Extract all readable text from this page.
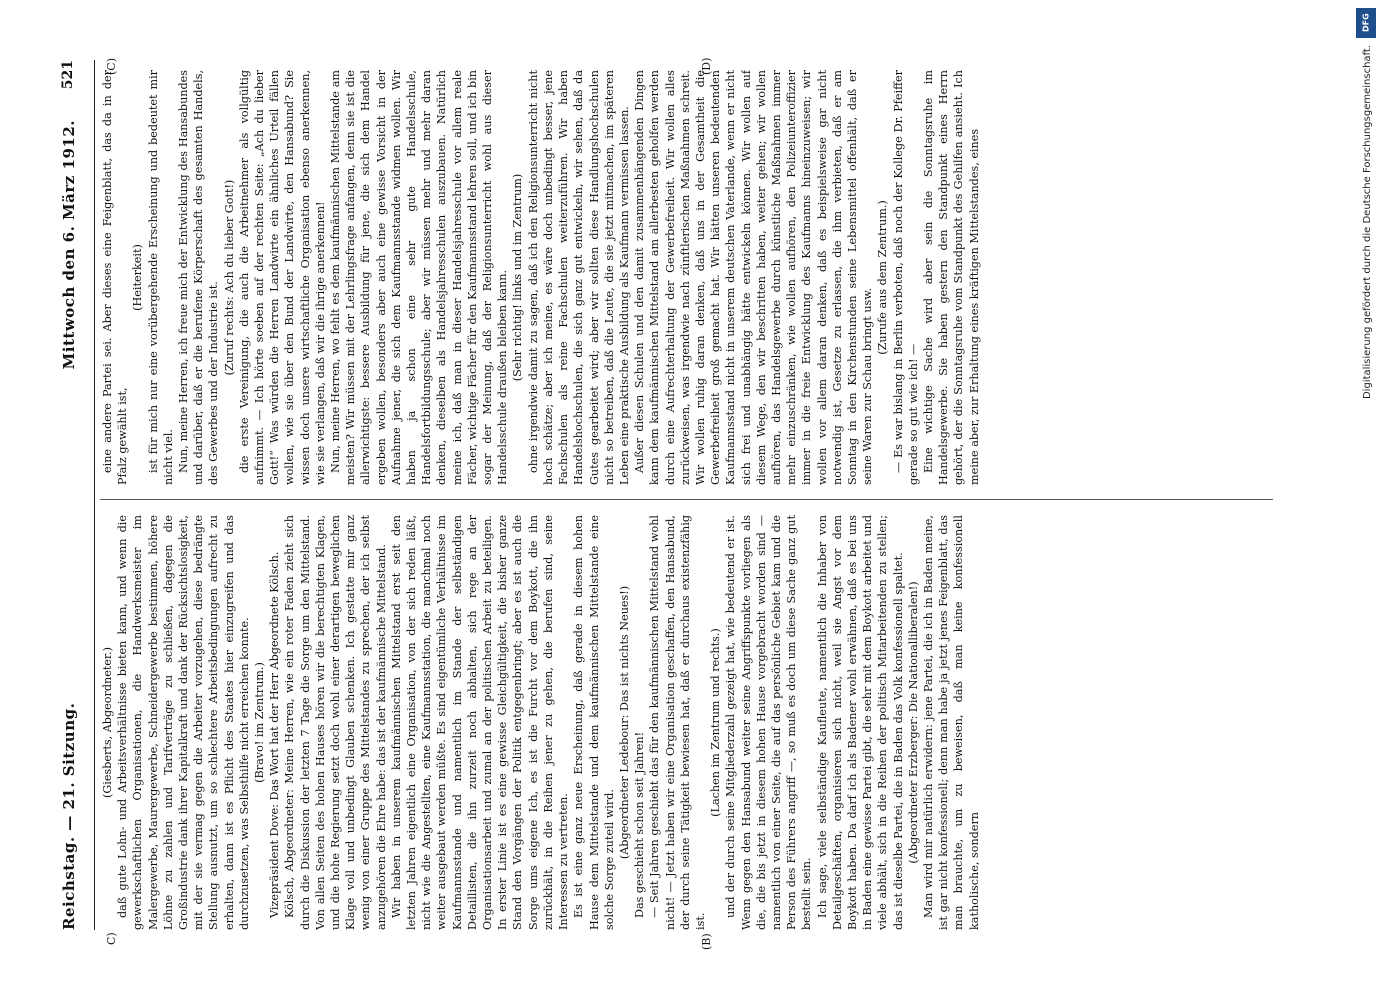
Reichstag. — 21. Sitzung.
Mittwoch den 6. März 1912.
521
C)	(B)
(C)	(D)

(Giesberts, Abgeordneter.) daß gute Lohn- und Arbeitsverhältnisse bieten kann, und wenn die gewerkschaftlichen Organisationen, die Handwerksmeister im Malergewerbe, Maurergewerbe, Schneidergewerbe bestimmen, höhere Löhne zu zahlen und Tarifverträge zu schließen, dagegen die Großindustrie dank ihrer Kapitalkraft und dank der Rücksichtslosigkeit, mit der sie vermag gegen die Arbeiter vorzugehen, diese bedrängte Stellung ausnutzt, um so schlechtere Arbeitsbedingungen aufrecht zu erhalten, dann ist es Pflicht des Staates hier einzugreifen und das durchzusetzen, was Selbsthilfe nicht erreichen konnte. (Bravo! im Zentrum.) Vizepräsident Dove: Das Wort hat der Herr Abgeordnete Kölsch. Kölsch, Abgeordneter: Meine Herren, wie ein roter Faden zieht sich durch die Diskussion der letzten 7 Tage die Sorge um den Mittelstand. Von allen Seiten des hohen Hauses hören wir die berechtigten Klagen, und die hohe Regierung setzt doch wohl einer derartigen beweglichen Klage voll und unbedingt Glauben schenken. Ich gestatte mir ganz wenig von einer Gruppe des Mittelstandes zu sprechen, der ich selbst anzugehören die Ehre habe: das ist der kaufmännische Mittelstand. Wir haben in unserem kaufmännischen Mittelstand erst seit den letzten Jahren eigentlich eine Organisation, von der sich reden läßt, nicht wie die Angestellten, eine Kaufmannsstation, die manchmal noch weiter ausgebaut werden müßte. Es sind eigentümliche Verhältnisse im Kaufmannsstande und namentlich im Stande der selbständigen Detaillisten, die ihn zurzeit noch abhalten, sich rege an der Organisationsarbeit und zumal an der politischen Arbeit zu beteiligen. In erster Linie ist es eine gewisse Gleichgültigkeit, die bisher ganze Stand den Vorgängen der Politik entgegenbringt; aber es ist auch die Sorge ums eigene Ich, es ist die Furcht vor dem Boykott, die ihn zurückhält, in die Reihen jener zu gehen, die berufen sind, seine Interessen zu vertreten. Es ist eine ganz neue Erscheinung, daß gerade in diesem hohen Hause dem Mittelstande und dem kaufmännischen Mittelstande eine solche Sorge zuteil wird.

(Abgeordneter Ledebour: Das ist nichts Neues!) Das geschieht schon seit Jahren! — Seit Jahren geschieht das für den kaufmännischen Mittelstand wohl nicht! — Jetzt haben wir eine Organisation geschaffen, den Hansabund, der durch seine Tätigkeit bewiesen hat, daß er durchaus existenzfähig ist.

(Lachen im Zentrum und rechts.) und der durch seine Mitgliederzahl gezeigt hat, wie bedeutend er ist. Wenn gegen den Hansabund weiter seine Angriffspunkte vorliegen als die, die bis jetzt in diesem hohen Hause vorgebracht worden sind — namentlich von einer Seite, die auf das persönliche Gebiet kam und die Person des Führers angriff —, so muß es doch um diese Sache ganz gut bestellt sein. Ich sage, viele selbständige Kaufleute, namentlich die Inhaber von Detailgeschäften, organisieren sich nicht, weil sie Angst vor dem Boykott haben. Da darf ich als Badener wohl erwähnen, daß es bei uns in Baden eine gewisse Partei gibt, die sehr mit dem Boykott arbeitet und viele abhält, sich in die Reihen der politisch Mitarbeitenden zu stellen; das ist dieselbe Partei, die in Baden das Volk konfessionell spaltet. (Abgeordneter Erzberger: Die Nationalliberalen!) Man wird mir natürlich erwidern: jene Partei, die ich in Baden meine, ist gar nicht konfessionell; denn man habe ja jetzt jenes Feigenblatt, das man brauchte, um zu beweisen, daß man keine konfessionell katholische, sondern

eine andere Partei sei. Aber dieses eine Feigenblatt, das da in der Pfalz gewählt ist,

(Heiterkeit) ist für mich nur eine vorübergehende Erscheinung und bedeutet mir nicht viel. Nun, meine Herren, ich freue mich der Entwicklung des Hansabundes und darüber, daß er die berufene Körperschaft des gesamten Handels, des Gewerbes und der Industrie ist.

(Zuruf rechts: Ach du lieber Gott!) die erste Vereinigung, die auch die Arbeitnehmer als vollgültig aufnimmt. — Ich hörte soeben auf der rechten Seite: „Ach du lieber Gott!“ Was würden die Herren Landwirte ein ähnliches Urteil fällen wollen, wie sie über den Bund der Landwirte, den Hansabund? Sie wissen doch unsere wirtschaftliche Organisation ebenso anerkennen, wie sie verlangen, daß wir die ihrige anerkennen! Nun, meine Herren, wo fehlt es dem kaufmännischen Mittelstande am meisten? Wir müssen mit der Lehrlingsfrage anfangen, denn sie ist die allerwichtigste: bessere Ausbildung für jene, die sich dem Handel ergeben wollen, besonders aber auch eine gewisse Vorsicht in der Aufnahme jener, die sich dem Kaufmannsstande widmen wollen. Wir haben ja schon eine sehr gute Handelsschule, Handelsfortbildungsschule; aber wir müssen mehr und mehr daran denken, dieselben als Handelsjahresschulen auszubauen. Natürlich meine ich, daß man in dieser Handelsjahresschule vor allem reale Fächer, wichtige Fächer für den Kaufmannsstand lehren soll, und ich bin sogar der Meinung, daß der Religionsunterricht wohl aus dieser Handelsschule draußen bleiben kann. (Sehr richtig! links und im Zentrum) ohne irgendwie damit zu sagen, daß ich den Religionsunterricht nicht hoch schätze; aber ich meine, es wäre doch unbedingt besser, jene Fachschulen als reine Fachschulen weiterzuführen. Wir haben Handelshochschulen, die sich ganz gut entwickeln, wir sehen, daß da Gutes gearbeitet wird; aber wir sollten diese Handlungshochschulen nicht so betreiben, daß die Leute, die sie jetzt mitmachen, im späteren Leben eine praktische Ausbildung als Kaufmann vermissen lassen. Außer diesen Schulen und den damit zusammenhängenden Dingen kann dem kaufmännischen Mittelstand am allerbesten geholfen werden durch eine Aufrechterhaltung der Gewerbefreiheit. Wir wollen alles zurückweisen, was irgendwie nach zünftlerischen Maßnahmen schreit. Wir wollen ruhig daran denken, daß uns in der Gesamtheit die Gewerbefreiheit groß gemacht hat. Wir hätten unseren bedeutenden Kaufmannsstand nicht in unserem deutschen Vaterlande, wenn er nicht sich frei und unabhängig hätte entwickeln können. Wir wollen auf diesem Wege, den wir beschritten haben, weiter gehen; wir wollen aufhören, das Handelsgewerbe durch künstliche Maßnahmen immer mehr einzuschränken, wie wollen aufhören, den Polizeiunteroffizier immer in die freie Entwicklung des Kaufmanns hineinzuweisen; wir wollen vor allem daran denken, daß es beispielsweise gar nicht notwendig ist, Gesetze zu erlassen, die ihm verbieten, daß er am Sonntag in den Kirchenstunden seine Lebensmittel offenhält, daß er seine Waren zur Schau bringt usw.

(Zurufe aus dem Zentrum.) — Es war bislang in Berlin verboten, daß noch der Kollege Dr. Pfeiffer gerade so gut wie ich! — Eine wichtige Sache wird aber sein die Sonntagsruhe im Handelsgewerbe. Sie haben gestern den Standpunkt eines Herrn gehört, der die Sonntagsruhe vom Standpunkt des Gehilfen ansieht. Ich meine aber, zur Erhaltung eines kräftigen Mittelstandes, eines

DFG
Digitalisierung gefördert durch die Deutsche Forschungsgemeinschaft.
